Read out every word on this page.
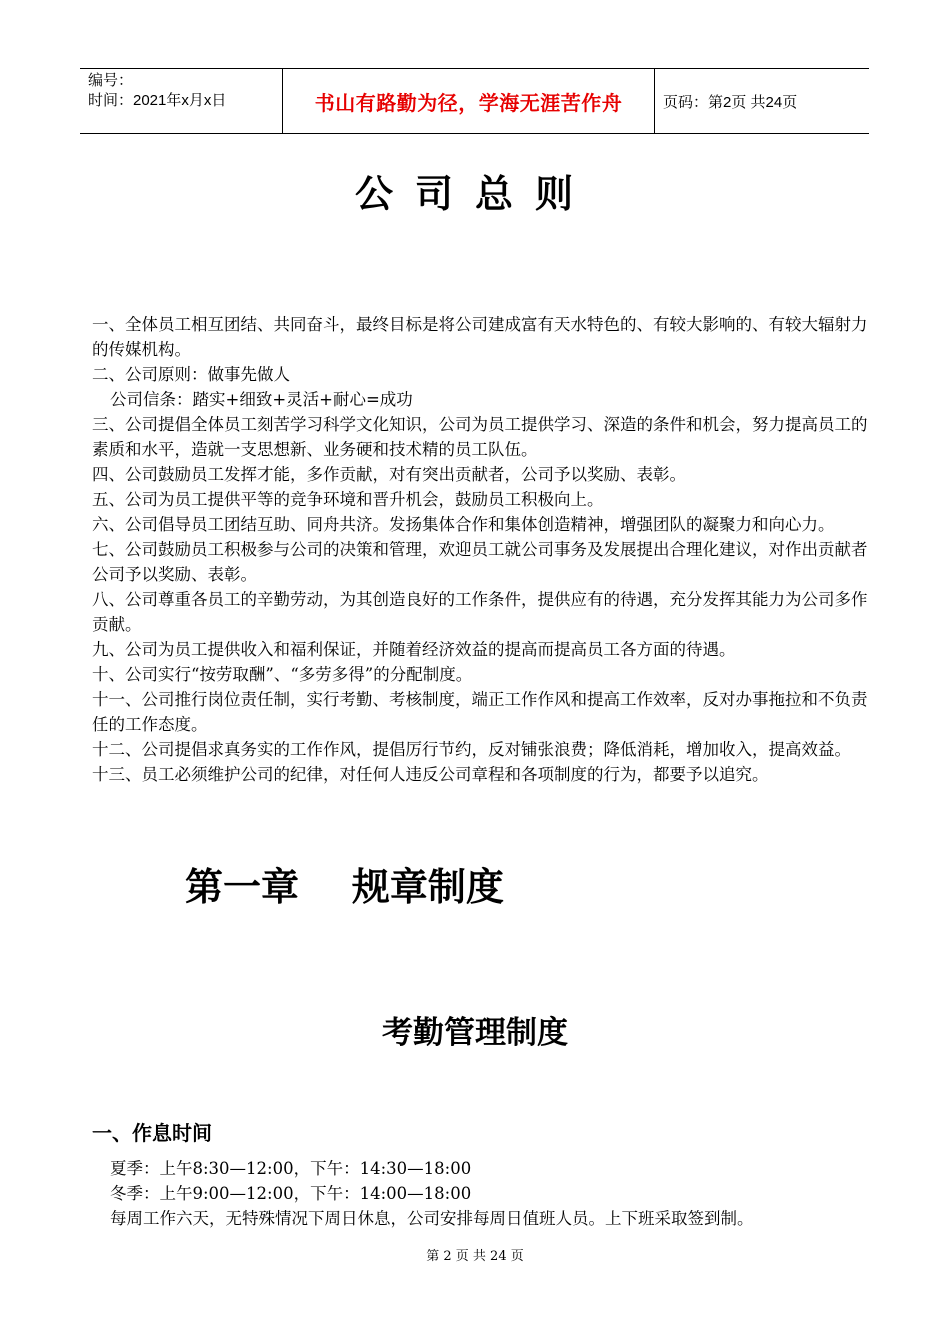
编号：
时间：2021年x月x日	书山有路勤为径，学海无涯苦作舟	页码：第2页 共24页
公司总则

一、全体员工相互团结、共同奋斗，最终目标是将公司建成富有天水特色的、有较大影响的、有较大辐射力的传媒机构。

二、公司原则：做事先做人

公司信条：踏实+细致+灵活+耐心=成功

三、公司提倡全体员工刻苦学习科学文化知识，公司为员工提供学习、深造的条件和机会，努力提高员工的素质和水平，造就一支思想新、业务硬和技术精的员工队伍。

四、公司鼓励员工发挥才能，多作贡献，对有突出贡献者，公司予以奖励、表彰。

五、公司为员工提供平等的竞争环境和晋升机会，鼓励员工积极向上。

六、公司倡导员工团结互助、同舟共济。发扬集体合作和集体创造精神，增强团队的凝聚力和向心力。

七、公司鼓励员工积极参与公司的决策和管理，欢迎员工就公司事务及发展提出合理化建议，对作出贡献者公司予以奖励、表彰。

八、公司尊重各员工的辛勤劳动，为其创造良好的工作条件，提供应有的待遇，充分发挥其能力为公司多作贡献。

九、公司为员工提供收入和福利保证，并随着经济效益的提高而提高员工各方面的待遇。

十、公司实行“按劳取酬”、“多劳多得”的分配制度。

十一、公司推行岗位责任制，实行考勤、考核制度，端正工作作风和提高工作效率，反对办事拖拉和不负责任的工作态度。

十二、公司提倡求真务实的工作作风，提倡厉行节约，反对铺张浪费；降低消耗，增加收入，提高效益。

十三、员工必须维护公司的纪律，对任何人违反公司章程和各项制度的行为，都要予以追究。

第一章    规章制度
考勤管理制度
一、作息时间

夏季：上午8:30—12:00，下午：14:30—18:00

冬季：上午9:00—12:00，下午：14:00—18:00

每周工作六天，无特殊情况下周日休息，公司安排每周日值班人员。上下班采取签到制。

第 2 页 共 24 页
